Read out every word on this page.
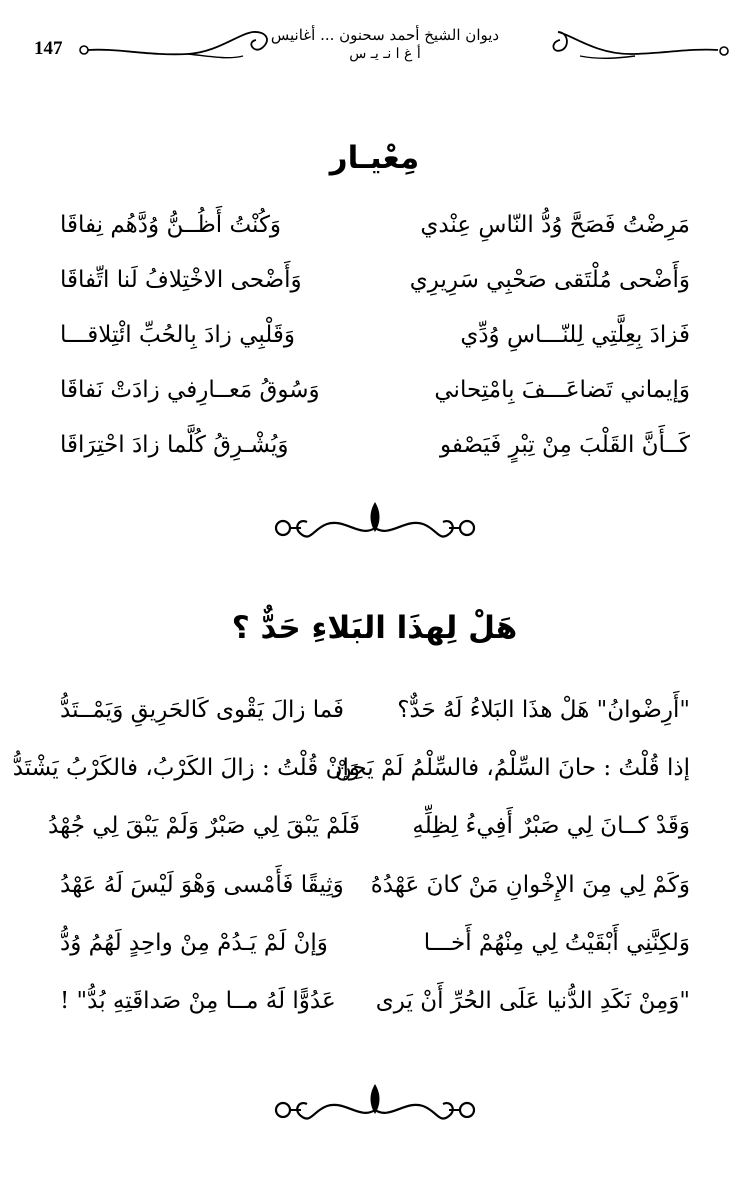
147
ديوان الشيخ أحمد سحنون ... أغانيس
أ غ ا نـ يـ س
مِعْيـار
مَرِضْتُ فَصَحَّ وُدُّ النّاسِ عِنْدي
وَكُنْتُ أَظُــنُّ وُدَّهُم نِفاقَا
وَأَضْحى مُلْتَقى صَحْبِي سَرِيرِي
وَأَضْحى الاخْتِلافُ لَنا اتِّفاقَا
فَزادَ بِعِلَّتِي لِلنّـــاسِ وُدِّي
وَقَلْبِي زادَ بِالحُبِّ ائْتِلاقـــا
وَإيماني تَضاعَـــفَ بِامْتِحاني
وَسُوقُ مَعــارِفي زادَتْ نَفاقَا
كَــأَنَّ القَلْبَ مِنْ تِبْرٍ فَيَصْفو
وَيُشْـرِقُ كُلَّما زادَ احْتِرَاقَا
هَلْ لِهذَا البَلاءِ حَدٌّ ؟
"أَرِضْوانُ" هَلْ هذَا البَلاءُ لَهُ حَدٌّ؟
فَما زالَ يَقْوى كَالحَرِيقِ وَيَمْــتَدُّ
إذا قُلْتُ : حانَ السِّلْمُ، فالسِّلْمُ لَمْ يَحِنْ
وَإنْ قُلْتُ : زالَ الكَرْبُ، فالكَرْبُ يَشْتَدُّ
وَقَدْ كــانَ لِي صَبْرٌ أَفِيءُ لِظِلِّهِ
فَلَمْ يَبْقَ لِي صَبْرٌ وَلَمْ يَبْقَ لِي جُهْدُ
وَكَمْ لِي مِنَ الإِخْوانِ مَنْ كانَ عَهْدُهُ
وَثِيقًا فَأَمْسى وَهْوَ لَيْسَ لَهُ عَهْدُ
وَلكِنَّنِي أَبْقَيْتُ لِي مِنْهُمْ أَخـــا
وَإنْ لَمْ يَـدُمْ مِنْ واحِدٍ لَهُمُ وُدُّ
"وَمِنْ نَكَدِ الدُّنيا عَلَى الحُرِّ أَنْ يَرى
عَدُوًّا لَهُ مــا مِنْ صَداقَتِهِ بُدُّ" !
